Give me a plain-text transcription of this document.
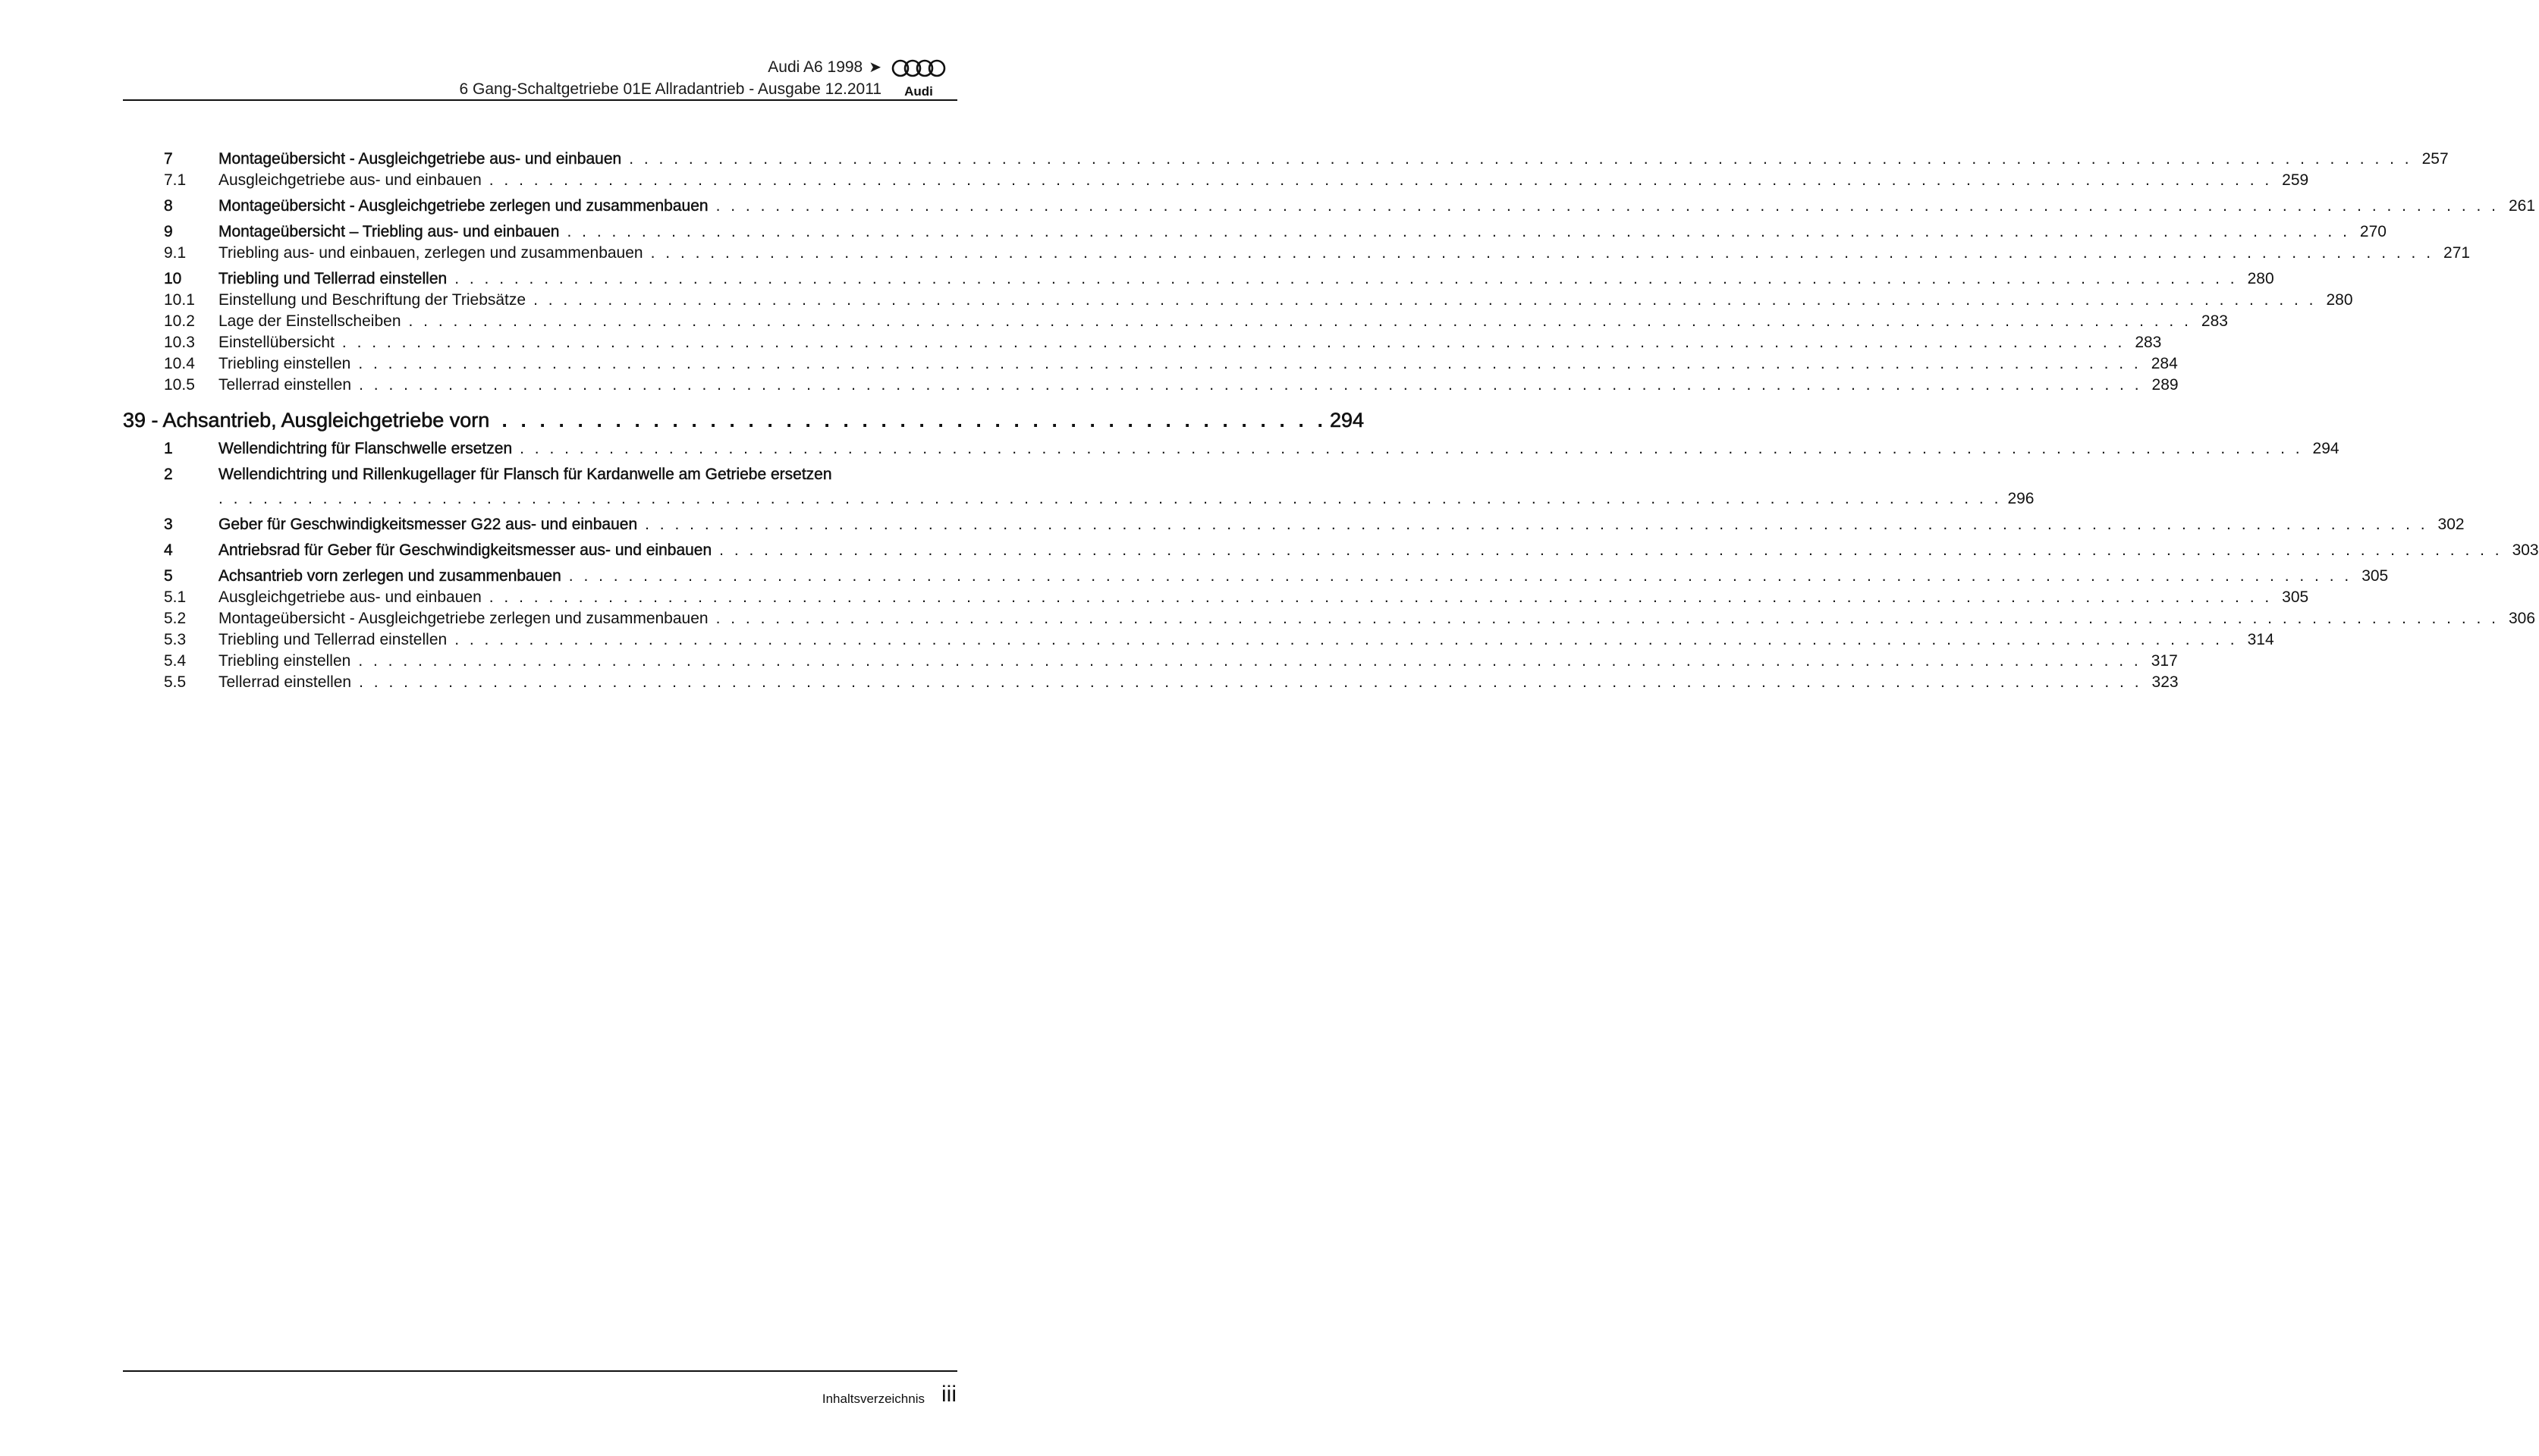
Audi A6 1998 ➤
6 Gang-Schaltgetriebe 01E Allradantrieb - Ausgabe 12.2011 Audi
7	Montageübersicht - Ausgleichgetriebe aus- und einbauen . . . . . . . . . . . . . . . . . . . . . . . . . . . . . . . . . . . . . . . . . . . . . . . . . . . . . . . . . . . . . . . . . . . . . . . . . . . . . . . . . . . . . . . . . . . . . . . . . . . . . . . . . . . . . . . . . . . . . . . . 257
7.1	Ausgleichgetriebe aus- und einbauen . . . . . . . . . . . . . . . . . . . . . . . . . . . . . . . . . . . . . . . . . . . . . . . . . . . . . . . . . . . . . . . . . . . . . . . . . . . . . . . . . . . . . . . . . . . . . . . . . . . . . . . . . . . . . . . . . . . . . . . . 259
8	Montageübersicht - Ausgleichgetriebe zerlegen und zusammenbauen . . . . . . . . . . . . . . . . . . . . . . . . . . . . . . . . . . . . . . . . . . . . . . . . . . . . . . . . . . . . . . . . . . . . . . . . . . . . . . . . . . . . . . . . . . . . . . . . . . . . . . . . . . . . . . . . . . . . . . . . 261
9	Montageübersicht – Triebling aus- und einbauen . . . . . . . . . . . . . . . . . . . . . . . . . . . . . . . . . . . . . . . . . . . . . . . . . . . . . . . . . . . . . . . . . . . . . . . . . . . . . . . . . . . . . . . . . . . . . . . . . . . . . . . . . . . . . . . . . . . . . . . . 270
9.1	Triebling aus- und einbauen, zerlegen und zusammenbauen . . . . . . . . . . . . . . . . . . . . . . . . . . . . . . . . . . . . . . . . . . . . . . . . . . . . . . . . . . . . . . . . . . . . . . . . . . . . . . . . . . . . . . . . . . . . . . . . . . . . . . . . . . . . . . . . . . . . . . . . 271
10	Triebling und Tellerrad einstellen . . . . . . . . . . . . . . . . . . . . . . . . . . . . . . . . . . . . . . . . . . . . . . . . . . . . . . . . . . . . . . . . . . . . . . . . . . . . . . . . . . . . . . . . . . . . . . . . . . . . . . . . . . . . . . . . . . . . . . . . 280
10.1	Einstellung und Beschriftung der Triebsätze . . . . . . . . . . . . . . . . . . . . . . . . . . . . . . . . . . . . . . . . . . . . . . . . . . . . . . . . . . . . . . . . . . . . . . . . . . . . . . . . . . . . . . . . . . . . . . . . . . . . . . . . . . . . . . . . . . . . . . . . 280
10.2	Lage der Einstellscheiben . . . . . . . . . . . . . . . . . . . . . . . . . . . . . . . . . . . . . . . . . . . . . . . . . . . . . . . . . . . . . . . . . . . . . . . . . . . . . . . . . . . . . . . . . . . . . . . . . . . . . . . . . . . . . . . . . . . . . . . . 283
10.3	Einstellübersicht . . . . . . . . . . . . . . . . . . . . . . . . . . . . . . . . . . . . . . . . . . . . . . . . . . . . . . . . . . . . . . . . . . . . . . . . . . . . . . . . . . . . . . . . . . . . . . . . . . . . . . . . . . . . . . . . . . . . . . . . 283
10.4	Triebling einstellen . . . . . . . . . . . . . . . . . . . . . . . . . . . . . . . . . . . . . . . . . . . . . . . . . . . . . . . . . . . . . . . . . . . . . . . . . . . . . . . . . . . . . . . . . . . . . . . . . . . . . . . . . . . . . . . . . . . . . . . . 284
10.5	Tellerrad einstellen . . . . . . . . . . . . . . . . . . . . . . . . . . . . . . . . . . . . . . . . . . . . . . . . . . . . . . . . . . . . . . . . . . . . . . . . . . . . . . . . . . . . . . . . . . . . . . . . . . . . . . . . . . . . . . . . . . . . . . . . 289
39 - Achsantrieb, Ausgleichgetriebe vorn . . . . . . . . . . . . . . . . . . . . . . . . . . . . . . . . . . . . . . . . . . . . 294
1	Wellendichtring für Flanschwelle ersetzen . . . . . . . . . . . . . . . . . . . . . . . . . . . . . . . . . . . . . . . . . . . . . . . . . . . . . . . . . . . . . . . . . . . . . . . . . . . . . . . . . . . . . . . . . . . . . . . . . . . . . . . . . . . . . . . . . . . . . . . . 294
2	Wellendichtring und Rillenkugellager für Flansch für Kardanwelle am Getriebe ersetzen
. . . . . . . . . . . . . . . . . . . . . . . . . . . . . . . . . . . . . . . . . . . . . . . . . . . . . . . . . . . . . . . . . . . . . . . . . . . . . . . . . . . . . . . . . . . . . . . . . . . . . . . . . . . . . . . . . . . . . . . . 296
3	Geber für Geschwindigkeitsmesser G22 aus- und einbauen . . . . . . . . . . . . . . . . . . . . . . . . . . . . . . . . . . . . . . . . . . . . . . . . . . . . . . . . . . . . . . . . . . . . . . . . . . . . . . . . . . . . . . . . . . . . . . . . . . . . . . . . . . . . . . . . . . . . . . . . 302
4	Antriebsrad für Geber für Geschwindigkeitsmesser aus- und einbauen . . . . . . . . . . . . . . . . . . . . . . . . . . . . . . . . . . . . . . . . . . . . . . . . . . . . . . . . . . . . . . . . . . . . . . . . . . . . . . . . . . . . . . . . . . . . . . . . . . . . . . . . . . . . . . . . . . . . . . . . 303
5	Achsantrieb vorn zerlegen und zusammenbauen . . . . . . . . . . . . . . . . . . . . . . . . . . . . . . . . . . . . . . . . . . . . . . . . . . . . . . . . . . . . . . . . . . . . . . . . . . . . . . . . . . . . . . . . . . . . . . . . . . . . . . . . . . . . . . . . . . . . . . . . 305
5.1	Ausgleichgetriebe aus- und einbauen . . . . . . . . . . . . . . . . . . . . . . . . . . . . . . . . . . . . . . . . . . . . . . . . . . . . . . . . . . . . . . . . . . . . . . . . . . . . . . . . . . . . . . . . . . . . . . . . . . . . . . . . . . . . . . . . . . . . . . . . 305
5.2	Montageübersicht - Ausgleichgetriebe zerlegen und zusammenbauen . . . . . . . . . . . . . . . . . . . . . . . . . . . . . . . . . . . . . . . . . . . . . . . . . . . . . . . . . . . . . . . . . . . . . . . . . . . . . . . . . . . . . . . . . . . . . . . . . . . . . . . . . . . . . . . . . . . . . . . . 306
5.3	Triebling und Tellerrad einstellen . . . . . . . . . . . . . . . . . . . . . . . . . . . . . . . . . . . . . . . . . . . . . . . . . . . . . . . . . . . . . . . . . . . . . . . . . . . . . . . . . . . . . . . . . . . . . . . . . . . . . . . . . . . . . . . . . . . . . . . . 314
5.4	Triebling einstellen . . . . . . . . . . . . . . . . . . . . . . . . . . . . . . . . . . . . . . . . . . . . . . . . . . . . . . . . . . . . . . . . . . . . . . . . . . . . . . . . . . . . . . . . . . . . . . . . . . . . . . . . . . . . . . . . . . . . . . . . 317
5.5	Tellerrad einstellen . . . . . . . . . . . . . . . . . . . . . . . . . . . . . . . . . . . . . . . . . . . . . . . . . . . . . . . . . . . . . . . . . . . . . . . . . . . . . . . . . . . . . . . . . . . . . . . . . . . . . . . . . . . . . . . . . . . . . . . . 323
Inhaltsverzeichnis iii
